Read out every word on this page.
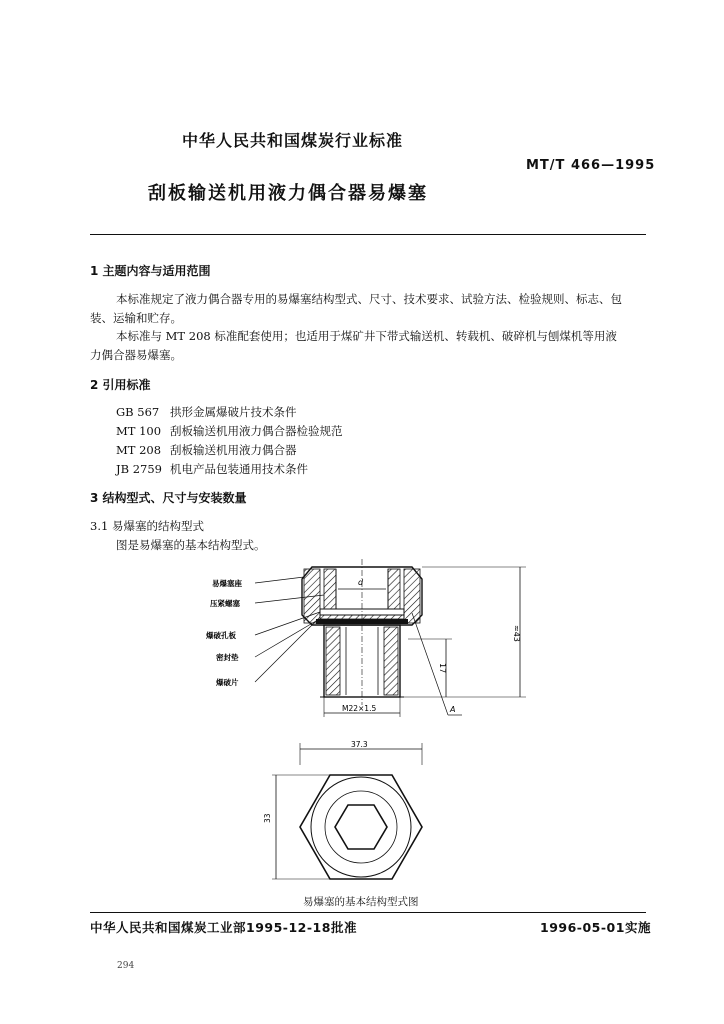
中华人民共和国煤炭行业标准
MT/T 466—1995
刮板输送机用液力偶合器易爆塞
1 主题内容与适用范围
本标准规定了液力偶合器专用的易爆塞结构型式、尺寸、技术要求、试验方法、检验规则、标志、包
装、运输和贮存。
本标准与 MT 208 标准配套使用；也适用于煤矿井下带式输送机、转载机、破碎机与刨煤机等用液
力偶合器易爆塞。
2 引用标准
GB 567 拱形金属爆破片技术条件
MT 100 刮板输送机用液力偶合器检验规范
MT 208 刮板输送机用液力偶合器
JB 2759 机电产品包装通用技术条件
3 结构型式、尺寸与安装数量
3.1 易爆塞的结构型式
图是易爆塞的基本结构型式。
d
易爆塞座
压紧螺塞
爆破孔板
密封垫
爆破片
≈43
17
M22×1.5	A
37.3
33
易爆塞的基本结构型式图
中华人民共和国煤炭工业部1995-12-18批准	1996-05-01实施
294
